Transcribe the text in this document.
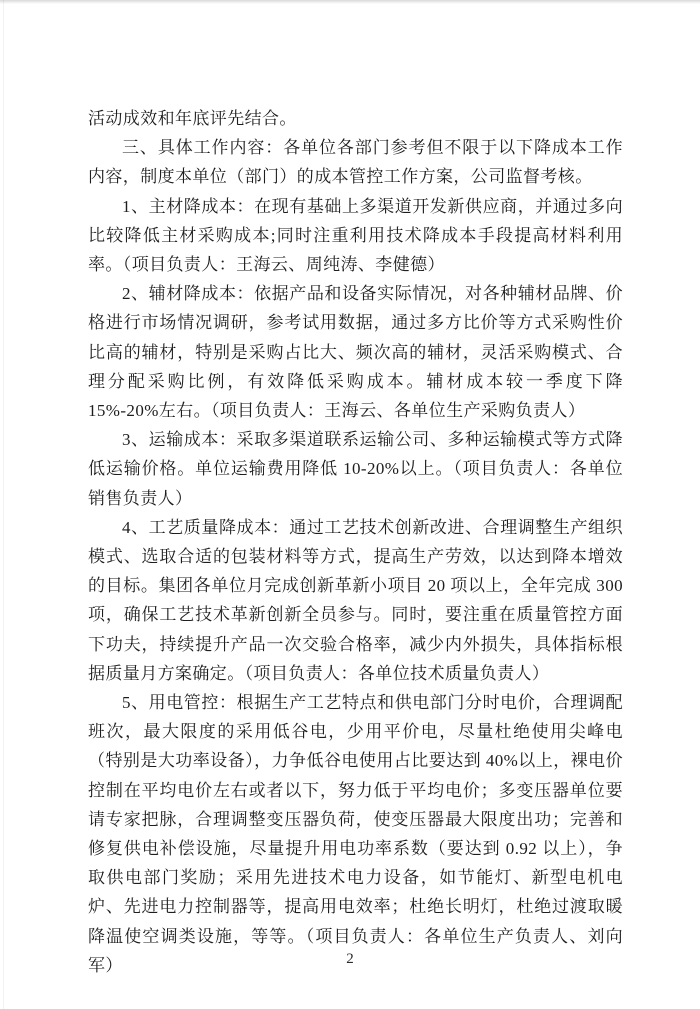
活动成效和年底评先结合。

三、具体工作内容：各单位各部门参考但不限于以下降成本工作内容，制度本单位（部门）的成本管控工作方案，公司监督考核。

1、主材降成本：在现有基础上多渠道开发新供应商，并通过多向比较降低主材采购成本;同时注重利用技术降成本手段提高材料利用率。（项目负责人：王海云、周纯涛、李健德）

2、辅材降成本：依据产品和设备实际情况，对各种辅材品牌、价格进行市场情况调研，参考试用数据，通过多方比价等方式采购性价比高的辅材，特别是采购占比大、频次高的辅材，灵活采购模式、合理分配采购比例，有效降低采购成本。辅材成本较一季度下降 15%-20%左右。（项目负责人：王海云、各单位生产采购负责人）

3、运输成本：采取多渠道联系运输公司、多种运输模式等方式降低运输价格。单位运输费用降低 10-20%以上。（项目负责人：各单位销售负责人）

4、工艺质量降成本：通过工艺技术创新改进、合理调整生产组织模式、选取合适的包装材料等方式，提高生产劳效，以达到降本增效的目标。集团各单位月完成创新革新小项目 20 项以上，全年完成 300 项，确保工艺技术革新创新全员参与。同时，要注重在质量管控方面下功夫，持续提升产品一次交验合格率，减少内外损失，具体指标根据质量月方案确定。（项目负责人：各单位技术质量负责人）

5、用电管控：根据生产工艺特点和供电部门分时电价，合理调配班次，最大限度的采用低谷电，少用平价电，尽量杜绝使用尖峰电（特别是大功率设备），力争低谷电使用占比要达到 40%以上，裸电价控制在平均电价左右或者以下，努力低于平均电价；多变压器单位要请专家把脉，合理调整变压器负荷，使变压器最大限度出功；完善和修复供电补偿设施，尽量提升用电功率系数（要达到 0.92 以上），争取供电部门奖励；采用先进技术电力设备，如节能灯、新型电机电炉、先进电力控制器等，提高用电效率；杜绝长明灯，杜绝过渡取暖降温使空调类设施，等等。（项目负责人：各单位生产负责人、刘向军）	2
